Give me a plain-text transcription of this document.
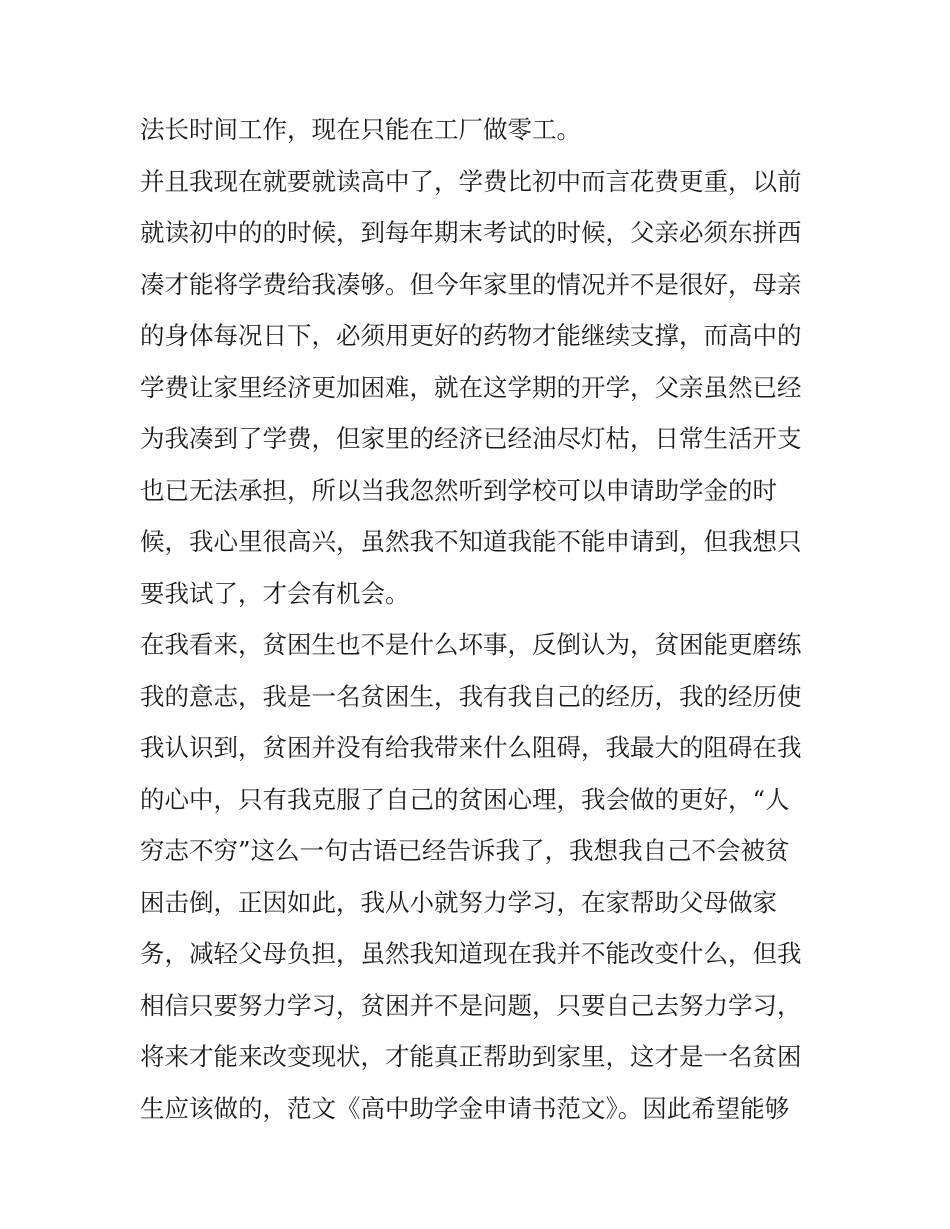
法长时间工作，现在只能在工厂做零工。
并且我现在就要就读高中了，学费比初中而言花费更重，以前
就读初中的的时候，到每年期末考试的时候，父亲必须东拼西
凑才能将学费给我凑够。但今年家里的情况并不是很好，母亲
的身体每况日下，必须用更好的药物才能继续支撑，而高中的
学费让家里经济更加困难，就在这学期的开学，父亲虽然已经
为我凑到了学费，但家里的经济已经油尽灯枯，日常生活开支
也已无法承担，所以当我忽然听到学校可以申请助学金的时
候，我心里很高兴，虽然我不知道我能不能申请到，但我想只
要我试了，才会有机会。
在我看来，贫困生也不是什么坏事，反倒认为，贫困能更磨练
我的意志，我是一名贫困生，我有我自己的经历，我的经历使
我认识到，贫困并没有给我带来什么阻碍，我最大的阻碍在我
的心中，只有我克服了自己的贫困心理，我会做的更好，“人
穷志不穷”这么一句古语已经告诉我了，我想我自己不会被贫
困击倒，正因如此，我从小就努力学习，在家帮助父母做家
务，减轻父母负担，虽然我知道现在我并不能改变什么，但我
相信只要努力学习，贫困并不是问题，只要自己去努力学习，
将来才能来改变现状，才能真正帮助到家里，这才是一名贫困
生应该做的，范文《高中助学金申请书范文》。因此希望能够
